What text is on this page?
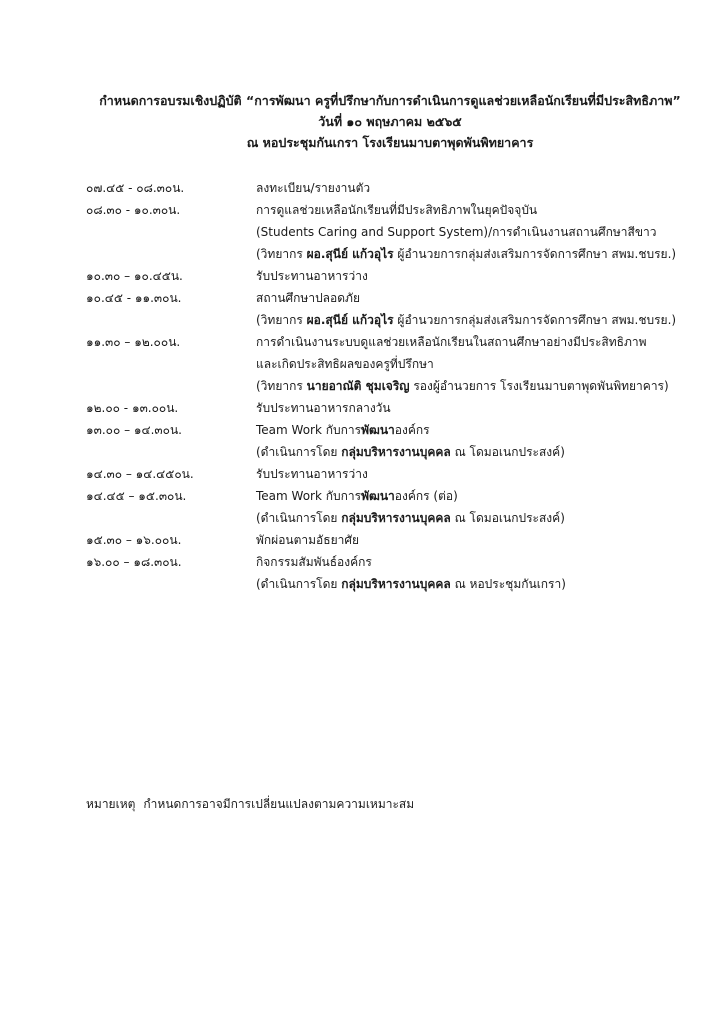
กำหนดการอบรมเชิงปฏิบัติ “การพัฒนา ครูที่ปรึกษากับการดำเนินการดูแลช่วยเหลือนักเรียนที่มีประสิทธิภาพ”
วันที่ ๑๐ พฤษภาคม ๒๕๖๕
ณ หอประชุมกันเกรา โรงเรียนมาบตาพุดพันพิทยาคาร
๐๗.๔๕ - ๐๘.๓๐น.	ลงทะเบียน/รายงานตัว
๐๘.๓๐ - ๑๐.๓๐น.	การดูแลช่วยเหลือนักเรียนที่มีประสิทธิภาพในยุคปัจจุบัน
(Students Caring and Support System)/การดำเนินงานสถานศึกษาสีขาว
(วิทยากร ผอ.สุนีย์ แก้วอุไร ผู้อำนวยการกลุ่มส่งเสริมการจัดการศึกษา สพม.ชบรย.)
๑๐.๓๐ – ๑๐.๔๕น.	รับประทานอาหารว่าง
๑๐.๔๕ - ๑๑.๓๐น.	สถานศึกษาปลอดภัย
(วิทยากร ผอ.สุนีย์ แก้วอุไร ผู้อำนวยการกลุ่มส่งเสริมการจัดการศึกษา สพม.ชบรย.)
๑๑.๓๐ – ๑๒.๐๐น.	การดำเนินงานระบบดูแลช่วยเหลือนักเรียนในสถานศึกษาอย่างมีประสิทธิภาพ
และเกิดประสิทธิผลของครูที่ปรึกษา
(วิทยากร นายอาณัติ ชุมเจริญ รองผู้อำนวยการ โรงเรียนมาบตาพุดพันพิทยาคาร)
๑๒.๐๐ - ๑๓.๐๐น.	รับประทานอาหารกลางวัน
๑๓.๐๐ – ๑๔.๓๐น.	Team Work กับการพัฒนาองค์กร
(ดำเนินการโดย กลุ่มบริหารงานบุคคล ณ โดมอเนกประสงค์)
๑๔.๓๐ – ๑๔.๔๕๐น.	รับประทานอาหารว่าง
๑๔.๔๕ – ๑๕.๓๐น.	Team Work กับการพัฒนาองค์กร (ต่อ)
(ดำเนินการโดย กลุ่มบริหารงานบุคคล ณ โดมอเนกประสงค์)
๑๕.๓๐ – ๑๖.๐๐น.	พักผ่อนตามอัธยาศัย
๑๖.๐๐ – ๑๘.๓๐น.	กิจกรรมสัมพันธ์องค์กร
(ดำเนินการโดย กลุ่มบริหารงานบุคคล ณ หอประชุมกันเกรา)
หมายเหตุ กำหนดการอาจมีการเปลี่ยนแปลงตามความเหมาะสม
